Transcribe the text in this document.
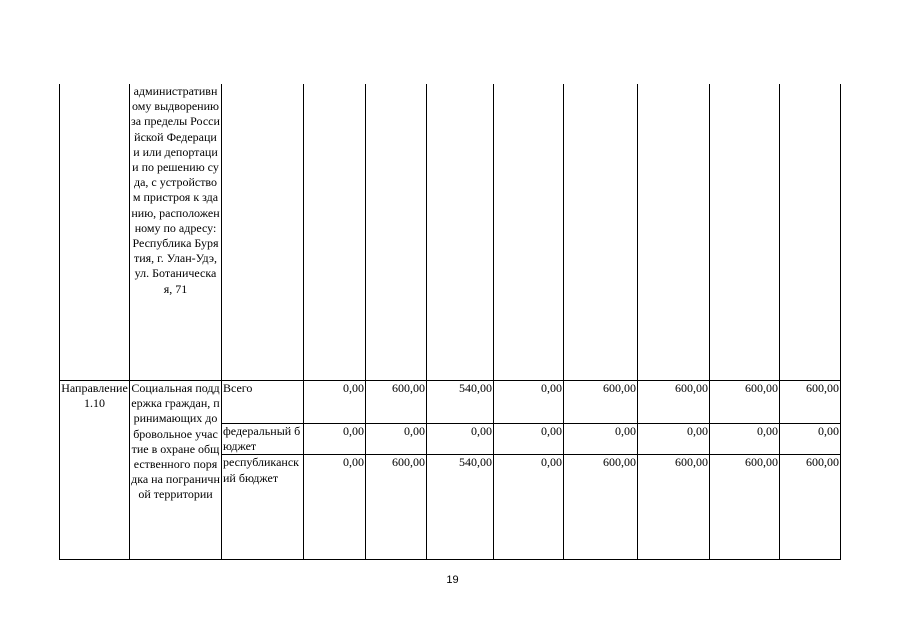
	административному выдворению за пределы Российской Федерации или депортации по решению суда, с устройством пристроя к зданию, расположенному по адресу: Республика Бурятия, г. Улан-Удэ, ул. Ботаническая, 71									
Направление 1.10	Социальная поддержка граждан, принимающих добровольное участие в охране общественного порядка на пограничной территории	Всего	0,00	600,00	540,00	0,00	600,00	600,00	600,00	600,00
		федеральный бюджет	0,00	0,00	0,00	0,00	0,00	0,00	0,00	0,00
		республиканский бюджет	0,00	600,00	540,00	0,00	600,00	600,00	600,00	600,00
19
